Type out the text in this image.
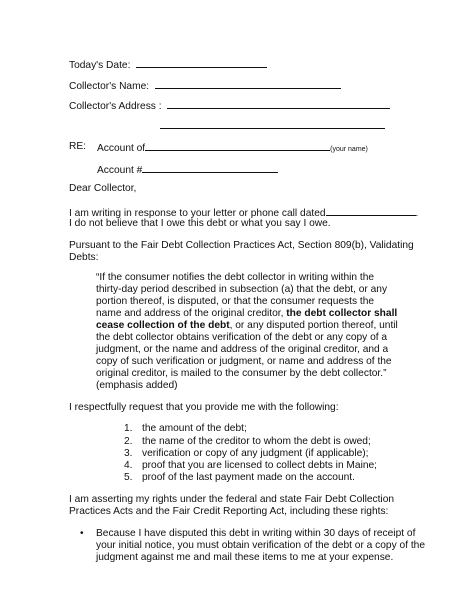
Today's Date:
Collector's Name:
Collector's Address :
RE: Account of	(your name)
Account #
Dear Collector,
I am writing in response to your letter or phone call dated	.
I do not believe that I owe this debt or what you say I owe.
Pursuant to the Fair Debt Collection Practices Act, Section 809(b), Validating
Debts:
“If the consumer notifies the debt collector in writing within the
thirty-day period described in subsection (a) that the debt, or any
portion thereof, is disputed, or that the consumer requests the
name and address of the original creditor, the debt collector shall
cease collection of the debt, or any disputed portion thereof, until
the debt collector obtains verification of the debt or any copy of a
judgment, or the name and address of the original creditor, and a
copy of such verification or judgment, or name and address of the
original creditor, is mailed to the consumer by the debt collector.”
(emphasis added)
I respectfully request that you provide me with the following:
1. the amount of the debt;
2. the name of the creditor to whom the debt is owed;
3. verification or copy of any judgment (if applicable);
4. proof that you are licensed to collect debts in Maine;
5. proof of the last payment made on the account.
I am asserting my rights under the federal and state Fair Debt Collection
Practices Acts and the Fair Credit Reporting Act, including these rights:
• Because I have disputed this debt in writing within 30 days of receipt of
your initial notice, you must obtain verification of the debt or a copy of the
judgment against me and mail these items to me at your expense.
